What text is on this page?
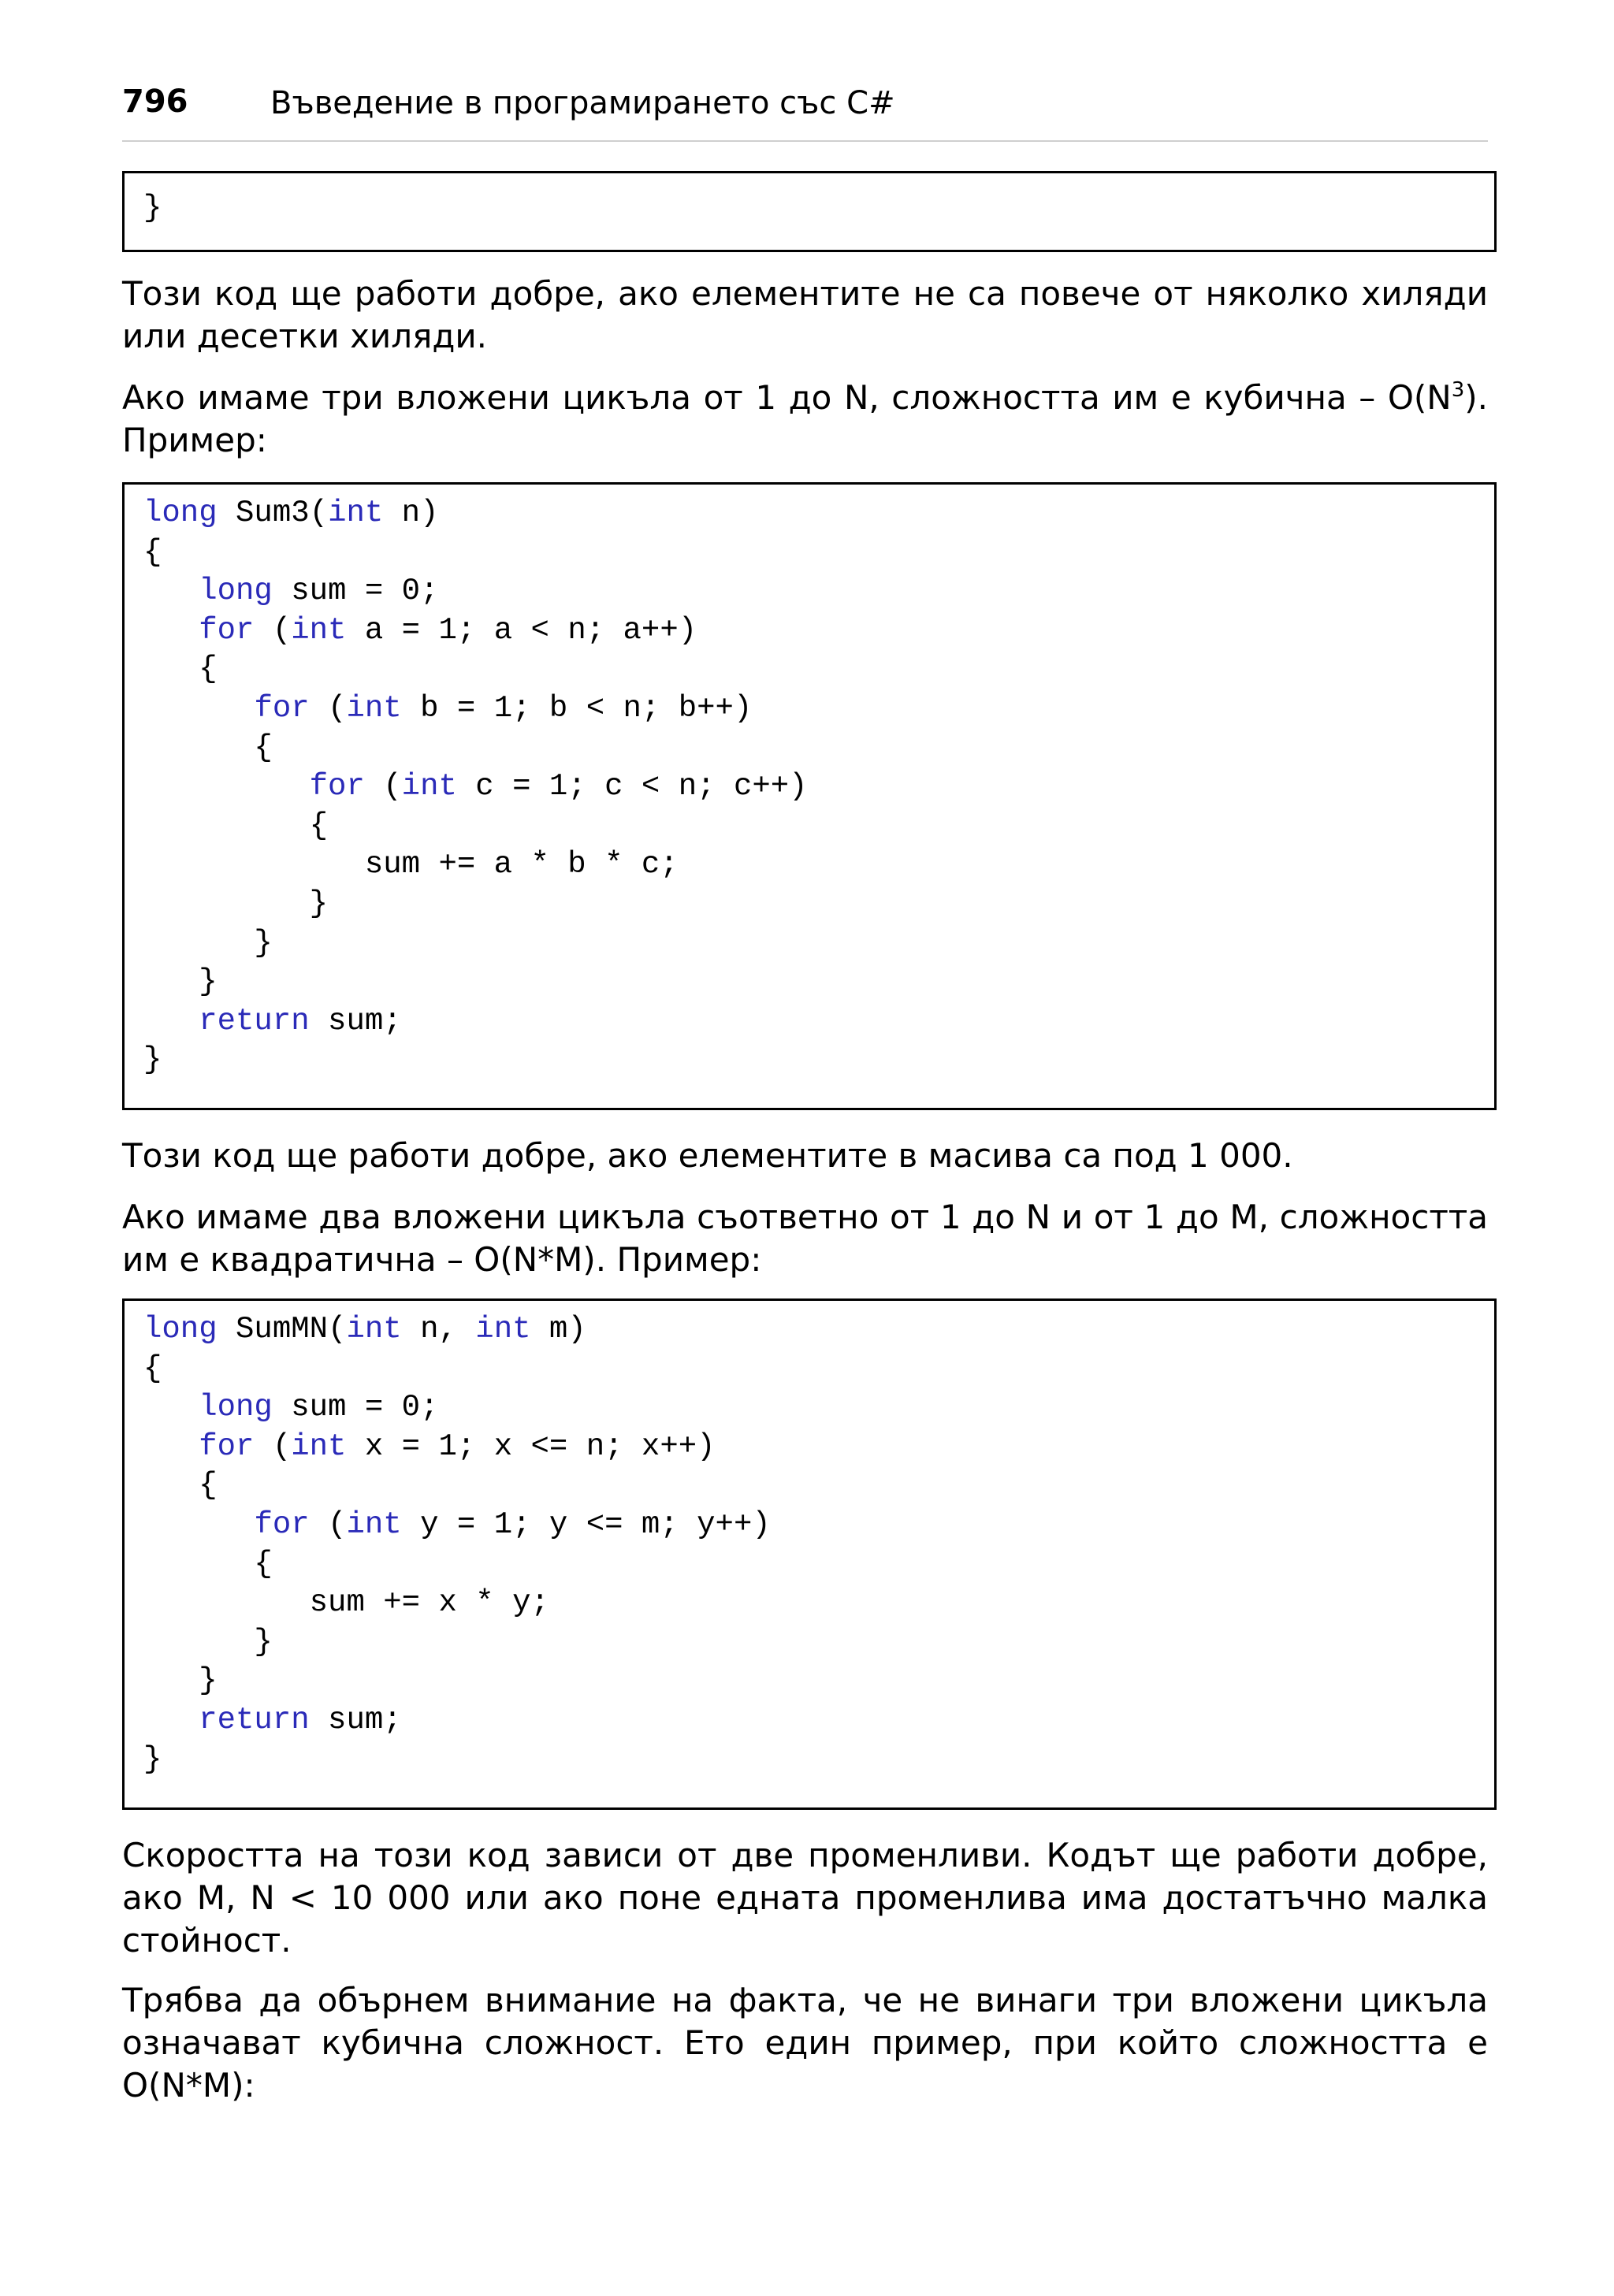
796	Въведение в програмирането със C#
}
Този код ще работи добре, ако елементите не са повече от няколко хиляди или десетки хиляди.
Ако имаме три вложени цикъла от 1 до N, сложността им е кубична – $O(N^3)$. Пример:
long Sum3(int n)
{
long sum = 0;
for (int a = 1; a < n; a++)
{
for (int b = 1; b < n; b++)
{
for (int c = 1; c < n; c++)
{
sum += a * b * c;
}
}
}
return sum;
}
Този код ще работи добре, ако елементите в масива са под 1 000.
Ако имаме два вложени цикъла съответно от 1 до N и от 1 до M, сложността им е квадратична – O(N*M). Пример:
long SumMN(int n, int m)
{
long sum = 0;
for (int x = 1; x <= n; x++)
{
for (int y = 1; y <= m; y++)
{
sum += x * y;
}
}
return sum;
}
Скоростта на този код зависи от две променливи. Кодът ще работи добре, ако M, N < 10 000 или ако поне едната променлива има достатъчно малка стойност.
Трябва да обърнем внимание на факта, че не винаги три вложени цикъла означават кубична сложност. Ето един пример, при който сложността е O(N*M):
